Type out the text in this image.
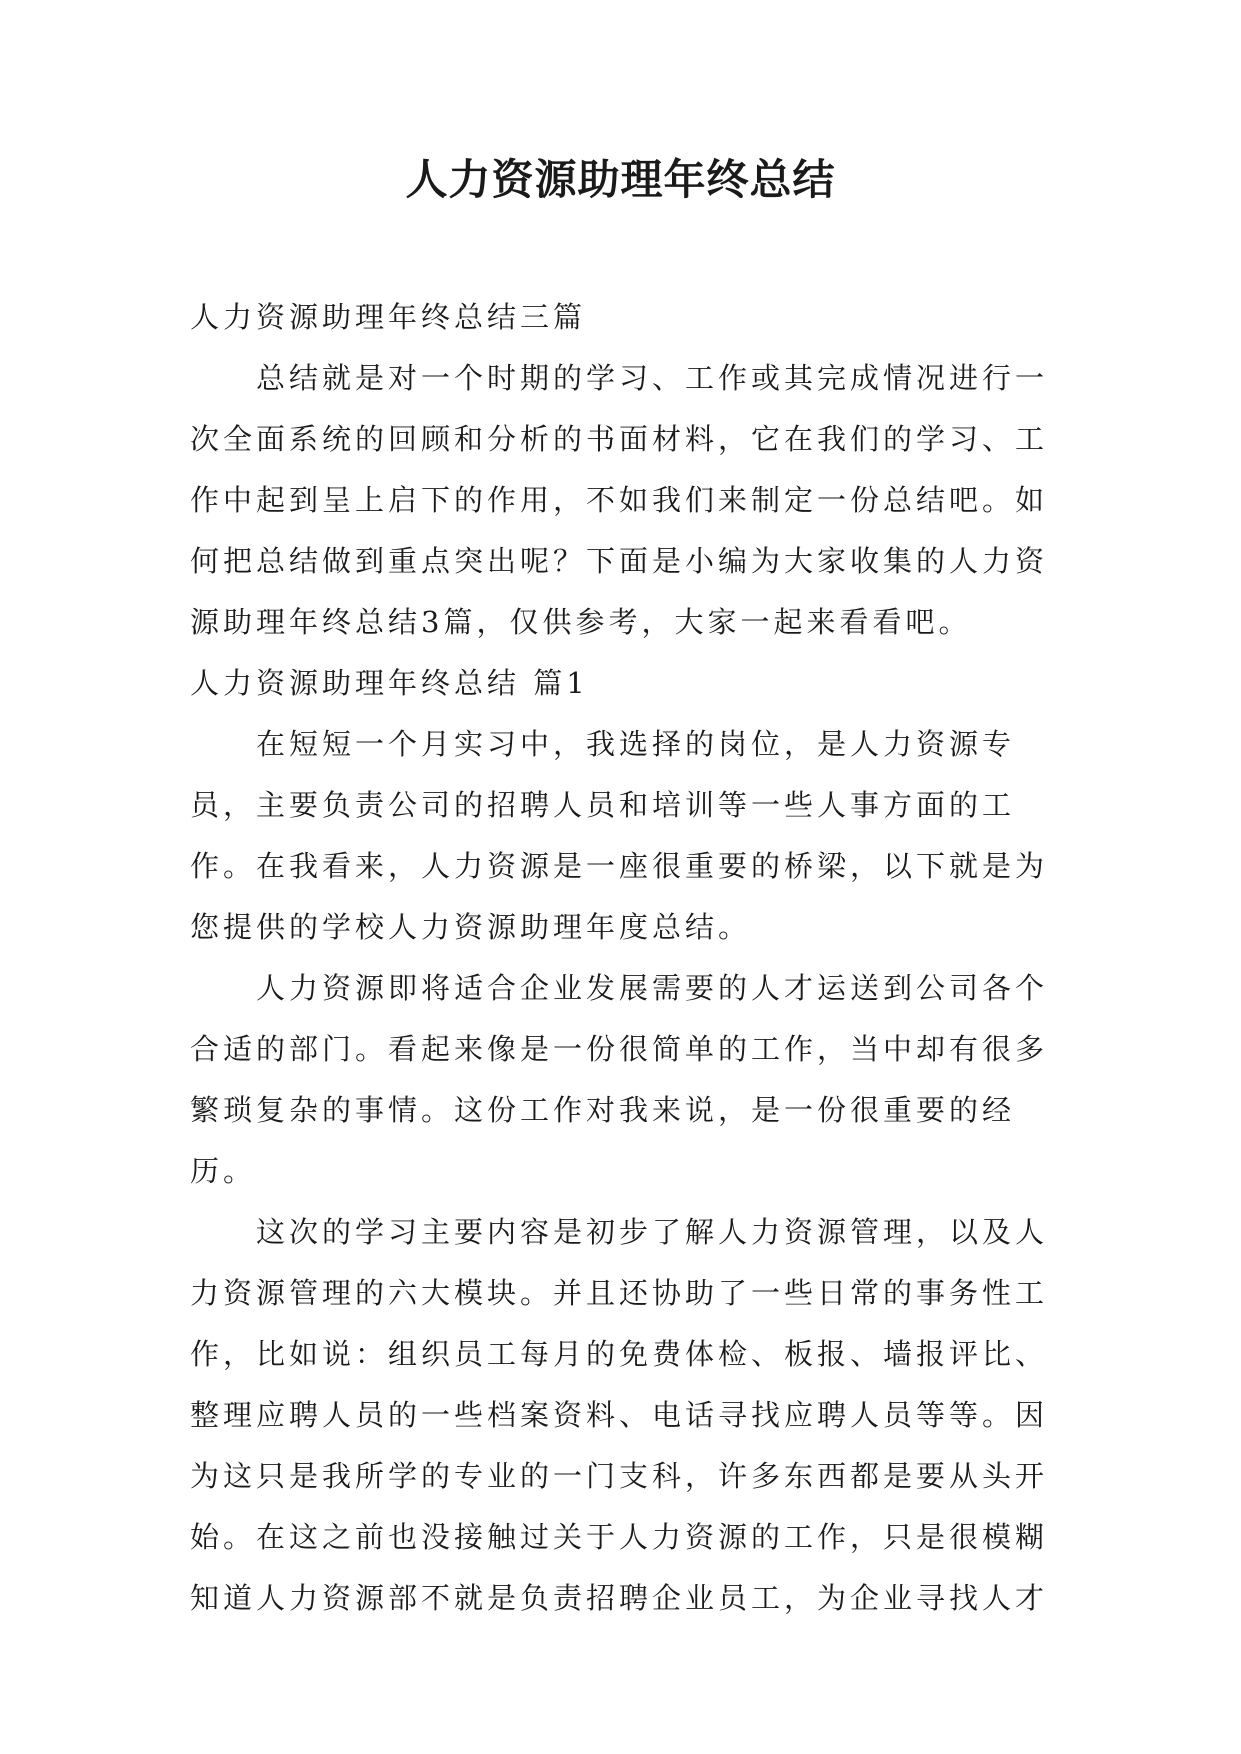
人力资源助理年终总结

人力资源助理年终总结三篇

总结就是对一个时期的学习、工作或其完成情况进行一次全面系统的回顾和分析的书面材料，它在我们的学习、工作中起到呈上启下的作用，不如我们来制定一份总结吧。如何把总结做到重点突出呢？下面是小编为大家收集的人力资源助理年终总结3篇，仅供参考，大家一起来看看吧。

人力资源助理年终总结 篇1

在短短一个月实习中，我选择的岗位，是人力资源专员，主要负责公司的招聘人员和培训等一些人事方面的工作。在我看来，人力资源是一座很重要的桥梁，以下就是为您提供的学校人力资源助理年度总结。

人力资源即将适合企业发展需要的人才运送到公司各个合适的部门。看起来像是一份很简单的工作，当中却有很多繁琐复杂的事情。这份工作对我来说，是一份很重要的经历。

这次的学习主要内容是初步了解人力资源管理，以及人力资源管理的六大模块。并且还协助了一些日常的事务性工作，比如说：组织员工每月的免费体检、板报、墙报评比、整理应聘人员的一些档案资料、电话寻找应聘人员等等。因为这只是我所学的专业的一门支科，许多东西都是要从头开始。在这之前也没接触过关于人力资源的工作，只是很模糊知道人力资源部不就是负责招聘企业员工，为企业寻找人才
